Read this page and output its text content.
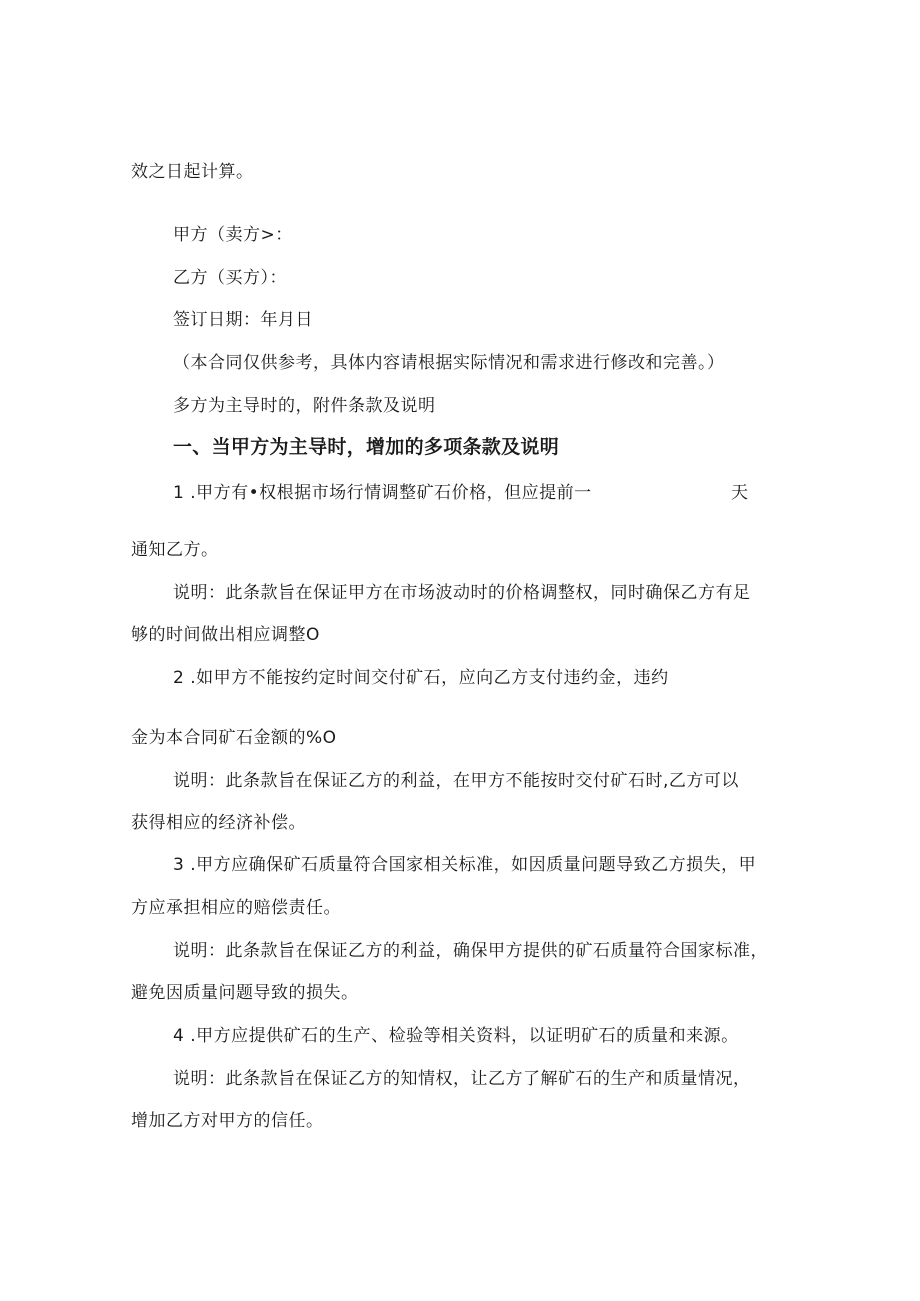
效之日起计算。
甲方（卖方>：
乙方（买方）：
签订日期：年月日
（本合同仅供参考，具体内容请根据实际情况和需求进行修改和完善。）
多方为主导时的，附件条款及说明
一、当甲方为主导时，增加的多项条款及说明
1 .甲方有•权根据市场行情调整矿石价格，但应提前一	天
通知乙方。
说明：此条款旨在保证甲方在市场波动时的价格调整权，同时确保乙方有足
够的时间做出相应调整O
2 .如甲方不能按约定时间交付矿石，应向乙方支付违约金，违约
金为本合同矿石金额的%O
说明：此条款旨在保证乙方的利益，在甲方不能按时交付矿石时,乙方可以
获得相应的经济补偿。
3 .甲方应确保矿石质量符合国家相关标准，如因质量问题导致乙方损失，甲
方应承担相应的赔偿责任。
说明：此条款旨在保证乙方的利益，确保甲方提供的矿石质量符合国家标准，
避免因质量问题导致的损失。
4 .甲方应提供矿石的生产、检验等相关资料，以证明矿石的质量和来源。
说明：此条款旨在保证乙方的知情权，让乙方了解矿石的生产和质量情况，
增加乙方对甲方的信任。
